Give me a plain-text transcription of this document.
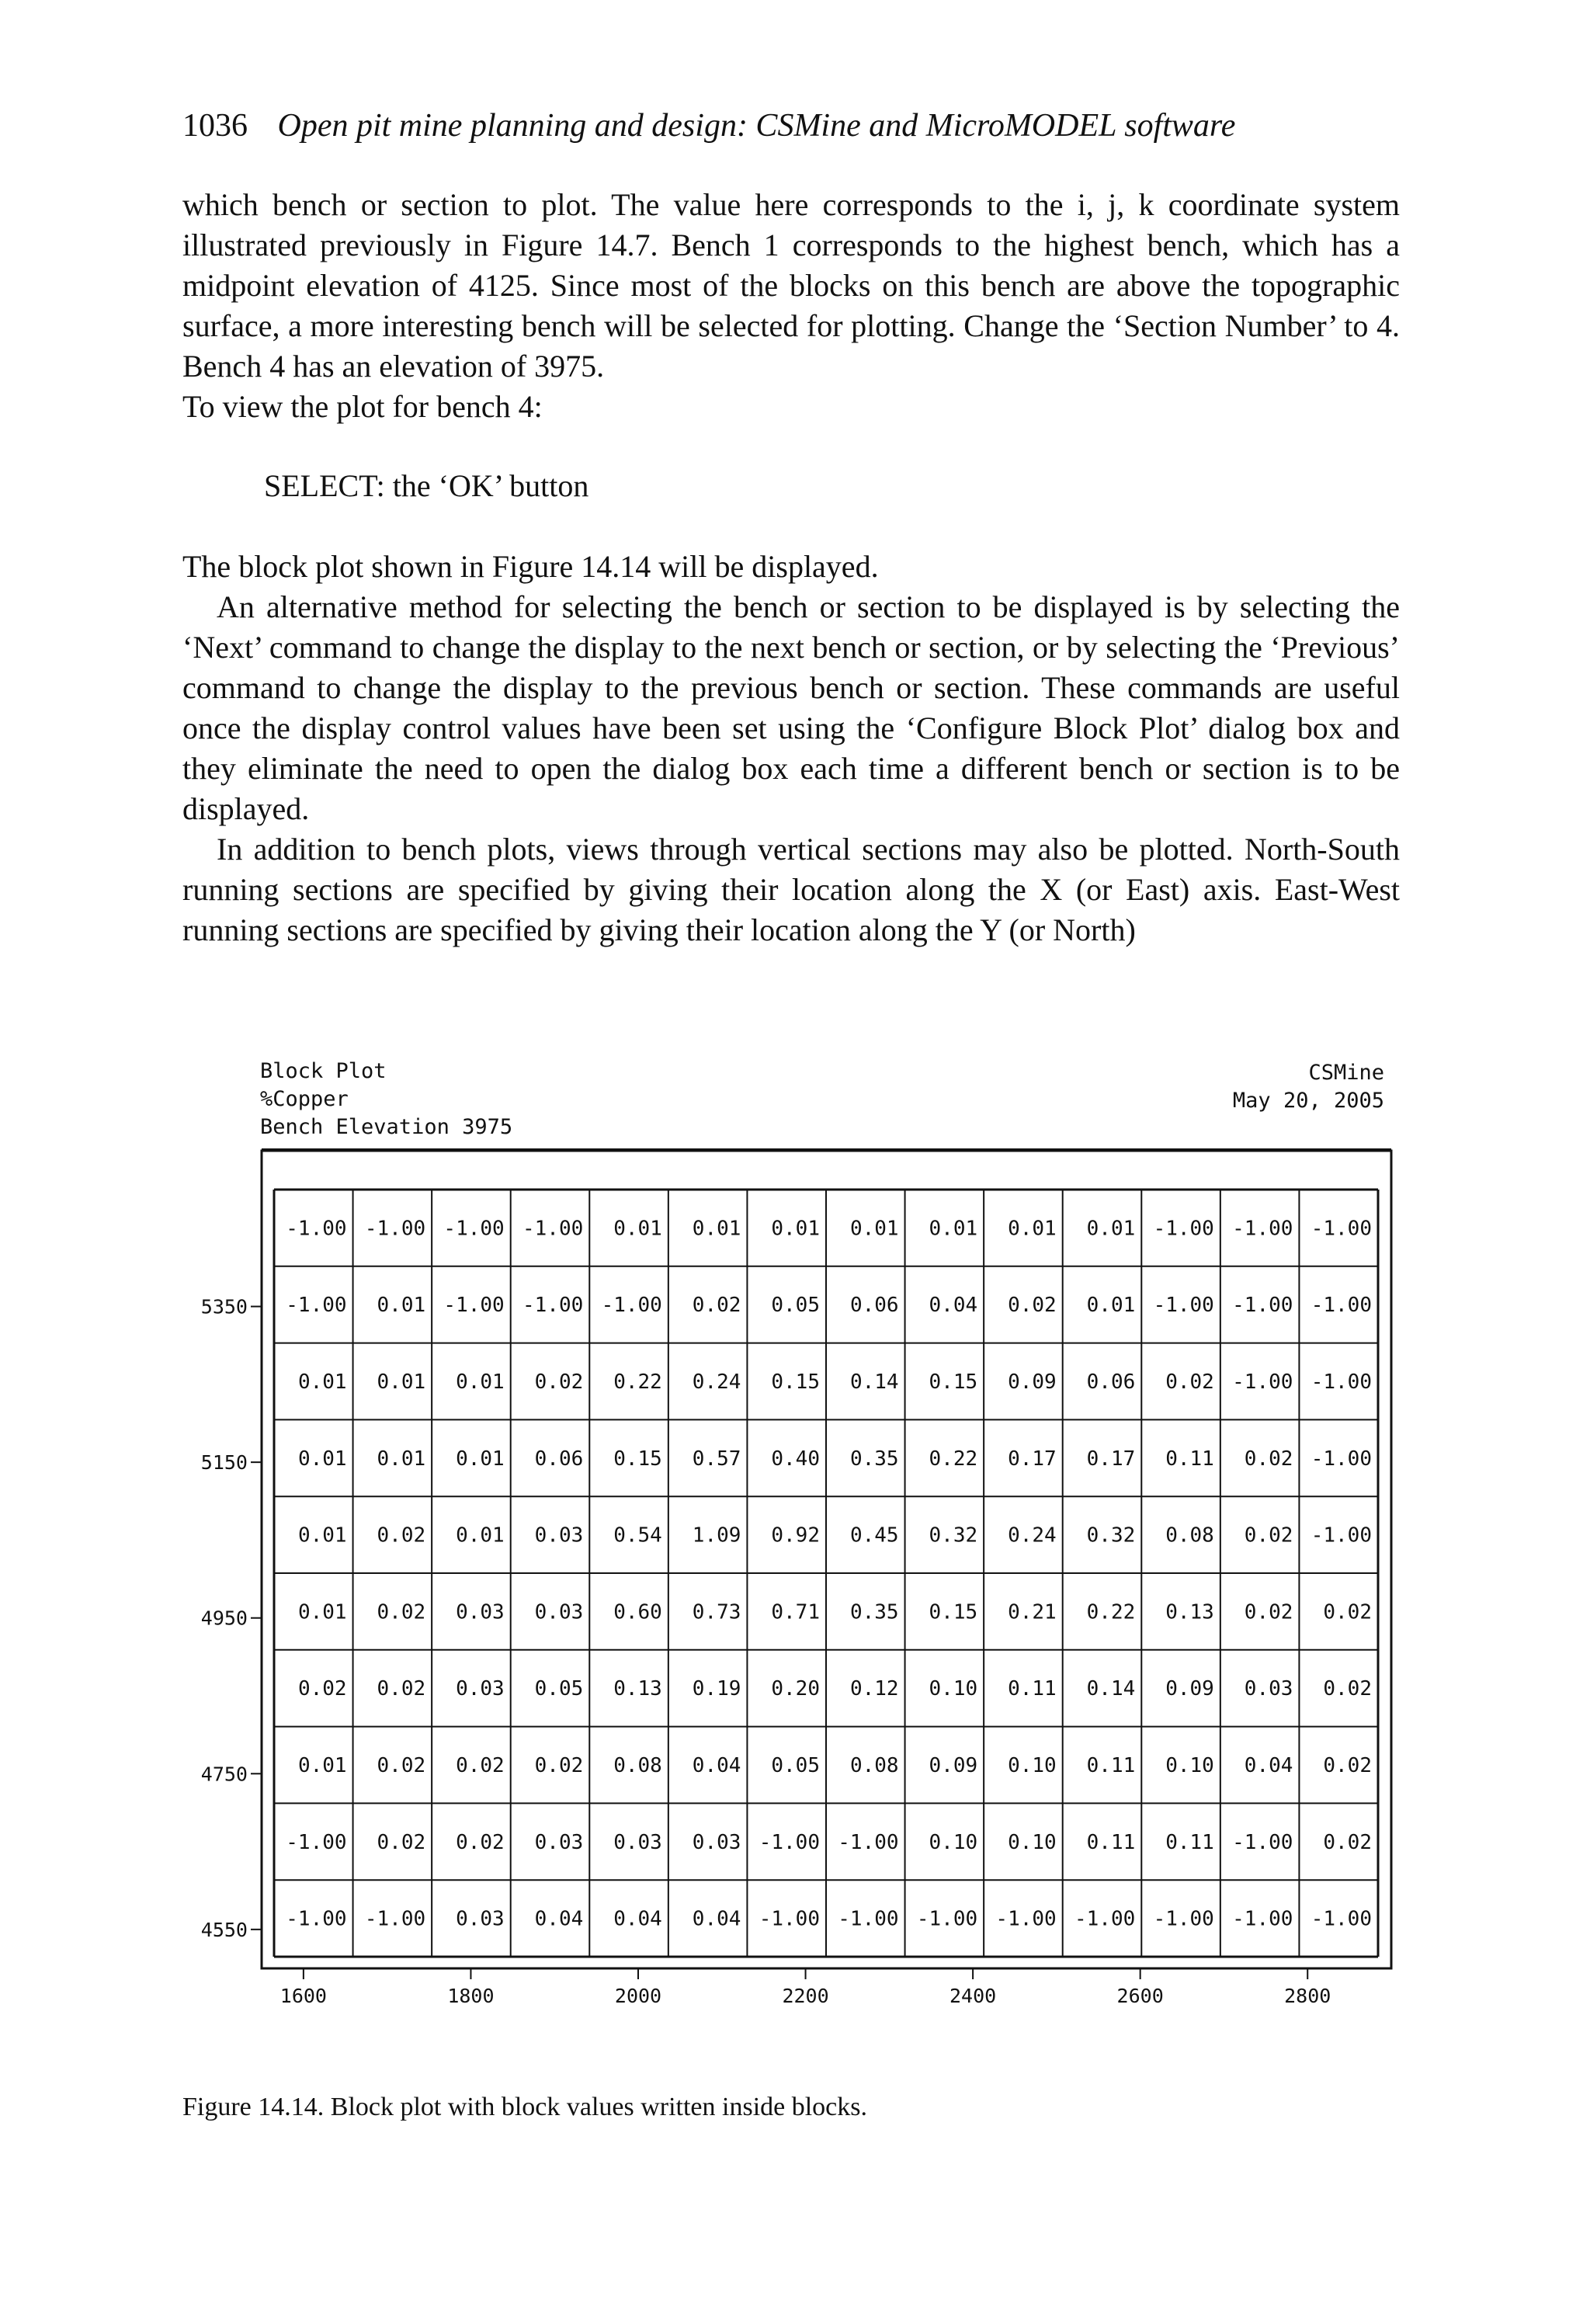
1036 Open pit mine planning and design: CSMine and MicroMODEL software

which bench or section to plot. The value here corresponds to the i, j, k coordinate system illustrated previously in Figure 14.7. Bench 1 corresponds to the highest bench, which has a midpoint elevation of 4125. Since most of the blocks on this bench are above the topographic surface, a more interesting bench will be selected for plotting. Change the ‘Section Number’ to 4. Bench 4 has an elevation of 3975.

To view the plot for bench 4:

SELECT: the ‘OK’ button

The block plot shown in Figure 14.14 will be displayed.

An alternative method for selecting the bench or section to be displayed is by selecting the ‘Next’ command to change the display to the next bench or section, or by selecting the ‘Previous’ command to change the display to the previous bench or section. These commands are useful once the display control values have been set using the ‘Configure Block Plot’ dialog box and they eliminate the need to open the dialog box each time a different bench or section is to be displayed.

In addition to bench plots, views through vertical sections may also be plotted. North-South running sections are specified by giving their location along the X (or East) axis. East-West running sections are specified by giving their location along the Y (or North)

Block Plot
%Copper
Bench Elevation 3975
CSMine
May 20, 2005
-1.00 -1.00 -1.00 -1.00 0.01 0.01 0.01 0.01 0.01 0.01 0.01 -1.00 -1.00 -1.00
-1.00 0.01 -1.00 -1.00 -1.00 0.02 0.05 0.06 0.04 0.02 0.01 -1.00 -1.00 -1.00
0.01 0.01 0.01 0.02 0.22 0.24 0.15 0.14 0.15 0.09 0.06 0.02 -1.00 -1.00
0.01 0.01 0.01 0.06 0.15 0.57 0.40 0.35 0.22 0.17 0.17 0.11 0.02 -1.00
0.01 0.02 0.01 0.03 0.54 1.09 0.92 0.45 0.32 0.24 0.32 0.08 0.02 -1.00
0.01 0.02 0.03 0.03 0.60 0.73 0.71 0.35 0.15 0.21 0.22 0.13 0.02 0.02
0.02 0.02 0.03 0.05 0.13 0.19 0.20 0.12 0.10 0.11 0.14 0.09 0.03 0.02
0.01 0.02 0.02 0.02 0.08 0.04 0.05 0.08 0.09 0.10 0.11 0.10 0.04 0.02
-1.00 0.02 0.02 0.03 0.03 0.03 -1.00 -1.00 0.10 0.10 0.11 0.11 -1.00 0.02
-1.00 -1.00 0.03 0.04 0.04 0.04 -1.00 -1.00 -1.00 -1.00 -1.00 -1.00 -1.00 -1.00
5350
5150
4950
4750
4550
1600	1800	2000	2200	2400	2600	2800
Figure 14.14. Block plot with block values written inside blocks.
